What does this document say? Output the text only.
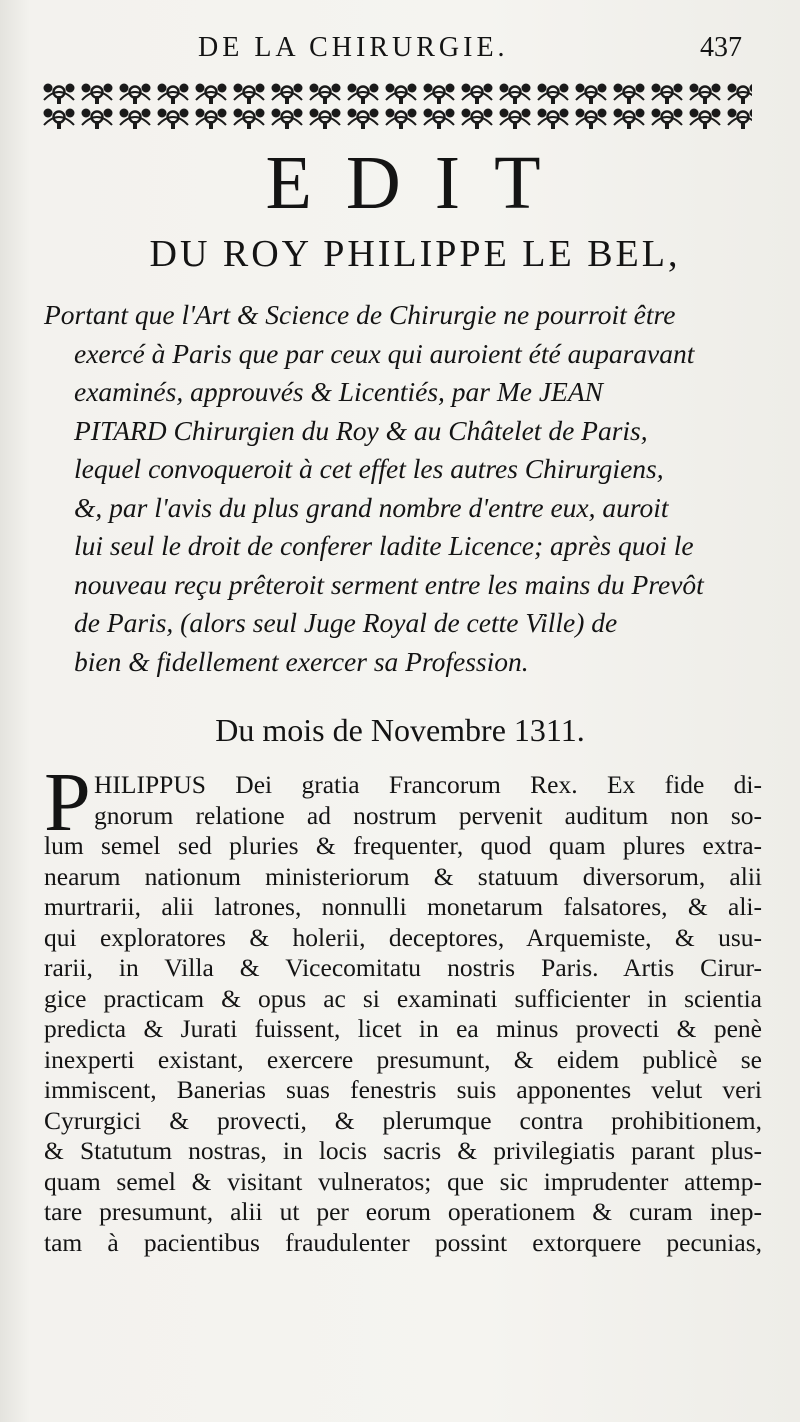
DE LA CHIRURGIE.	437
EDIT
DU ROY PHILIPPE LE BEL,
Portant que l'Art & Science de Chirurgie ne pourroit être
exercé à Paris que par ceux qui auroient été auparavant
examinés, approuvés & Licentiés, par Me JEAN
PITARD Chirurgien du Roy & au Châtelet de Paris,
lequel convoqueroit à cet effet les autres Chirurgiens,
&, par l'avis du plus grand nombre d'entre eux, auroit
lui seul le droit de conferer ladite Licence; après quoi le
nouveau reçu prêteroit serment entre les mains du Prevôt
de Paris, (alors seul Juge Royal de cette Ville) de
bien & fidellement exercer sa Profession.
Du mois de Novembre 1311.
P HILIPPUS Dei gratia Francorum Rex. Ex fide di-
gnorum relatione ad nostrum pervenit auditum non so-
lum semel sed pluries & frequenter, quod quam plures extra-
nearum nationum ministeriorum & statuum diversorum, alii
murtrarii, alii latrones, nonnulli monetarum falsatores, & ali-
qui exploratores & holerii, deceptores, Arquemiste, & usu-
rarii, in Villa & Vicecomitatu nostris Paris. Artis Cirur-
gice practicam & opus ac si examinati sufficienter in scientia
predicta & Jurati fuissent, licet in ea minus provecti & penè
inexperti existant, exercere presumunt, & eidem publicè se
immiscent, Banerias suas fenestris suis apponentes velut veri
Cyrurgici & provecti, & plerumque contra prohibitionem,
& Statutum nostras, in locis sacris & privilegiatis parant plus-
quam semel & visitant vulneratos; que sic imprudenter attemp-
tare presumunt, alii ut per eorum operationem & curam inep-
tam à pacientibus fraudulenter possint extorquere pecunias,
